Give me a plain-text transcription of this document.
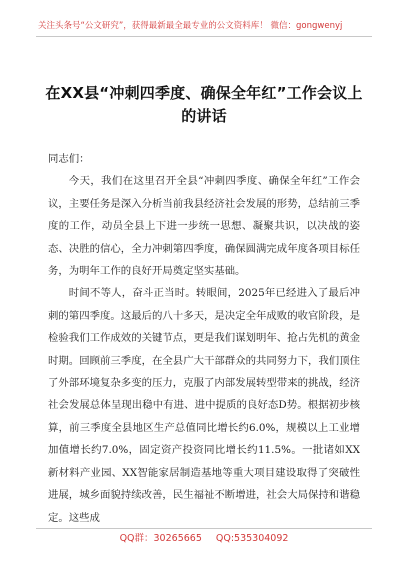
关注头条号“公文研究”，获得最新最全最专业的公文资料库！ 微信：gongwenyj
在XX县“冲刺四季度、确保全年红”工作会议上的讲话

同志们：

今天，我们在这里召开全县“冲刺四季度、确保全年红”工作会议，主要任务是深入分析当前我县经济社会发展的形势，总结前三季度的工作，动员全县上下进一步统一思想、凝聚共识，以决战的姿态、决胜的信心，全力冲刺第四季度，确保圆满完成年度各项目标任务，为明年工作的良好开局奠定坚实基础。

时间不等人，奋斗正当时。转眼间，2025年已经进入了最后冲刺的第四季度。这最后的八十多天，是决定全年成败的收官阶段，是检验我们工作成效的关键节点，更是我们谋划明年、抢占先机的黄金时期。回顾前三季度，在全县广大干部群众的共同努力下，我们顶住了外部环境复杂多变的压力，克服了内部发展转型带来的挑战，经济社会发展总体呈现出稳中有进、进中提质的良好态D势。根据初步核算，前三季度全县地区生产总值同比增长约6.0%，规模以上工业增加值增长约7.0%，固定资产投资同比增长约11.5%。一批诸如XX新材料产业园、XX智能家居制造基地等重大项目建设取得了突破性进展，城乡面貌持续改善，民生福祉不断增进，社会大局保持和谐稳定。这些成

QQ群：30265665 QQ:535304092
